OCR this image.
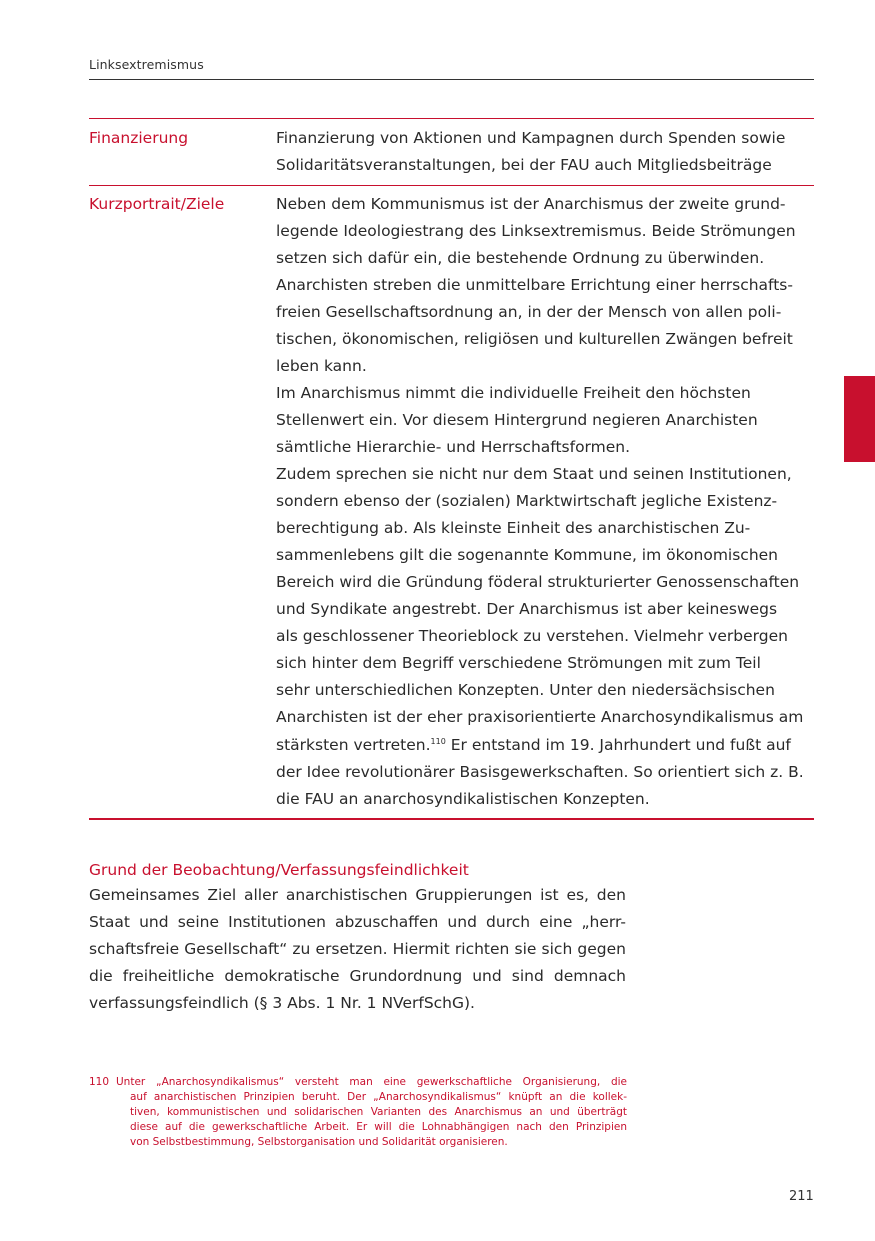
Linksextremismus
Finanzierung	Finanzierung von Aktionen und Kampagnen durch Spenden sowie
Solidaritätsveranstaltungen, bei der FAU auch Mitgliedsbeiträge
Kurzportrait/Ziele	Neben dem Kommunismus ist der Anarchismus der zweite grund-
legende Ideologiestrang des Linksextremismus. Beide Strömungen
setzen sich dafür ein, die bestehende Ordnung zu überwinden.
Anarchisten streben die unmittelbare Errichtung einer herrschafts-
freien Gesellschaftsordnung an, in der der Mensch von allen poli-
tischen, ökonomischen, religiösen und kulturellen Zwängen befreit
leben kann.
Im Anarchismus nimmt die individuelle Freiheit den höchsten
Stellenwert ein. Vor diesem Hintergrund negieren Anarchisten
sämtliche Hierarchie- und Herrschaftsformen.
Zudem sprechen sie nicht nur dem Staat und seinen Institutionen,
sondern ebenso der (sozialen) Marktwirtschaft jegliche Existenz-
berechtigung ab. Als kleinste Einheit des anarchistischen Zu-
sammenlebens gilt die sogenannte Kommune, im ökonomischen
Bereich wird die Gründung föderal strukturierter Genossenschaften
und Syndikate angestrebt. Der Anarchismus ist aber keineswegs
als geschlossener Theorieblock zu verstehen. Vielmehr verbergen
sich hinter dem Begriff verschiedene Strömungen mit zum Teil
sehr unterschiedlichen Konzepten. Unter den niedersächsischen
Anarchisten ist der eher praxisorientierte Anarchosyndikalismus am
stärksten vertreten.$^{110}$ Er entstand im 19. Jahrhundert und fußt auf
der Idee revolutionärer Basisgewerkschaften. So orientiert sich z. B.
die FAU an anarchosyndikalistischen Konzepten.
Grund der Beobachtung/Verfassungsfeindlichkeit
Gemeinsames Ziel aller anarchistischen Gruppierungen ist es, den
Staat und seine Institutionen abzuschaffen und durch eine „herr-
schaftsfreie Gesellschaft“ zu ersetzen. Hiermit richten sie sich gegen
die freiheitliche demokratische Grundordnung und sind demnach
verfassungsfeindlich (§ 3 Abs. 1 Nr. 1 NVerfSchG).
110 Unter „Anarchosyndikalismus“ versteht man eine gewerkschaftliche Organisierung, die
auf anarchistischen Prinzipien beruht. Der „Anarchosyndikalismus“ knüpft an die kollek-
tiven, kommunistischen und solidarischen Varianten des Anarchismus an und überträgt
diese auf die gewerkschaftliche Arbeit. Er will die Lohnabhängigen nach den Prinzipien
von Selbstbestimmung, Selbstorganisation und Solidarität organisieren.
211
